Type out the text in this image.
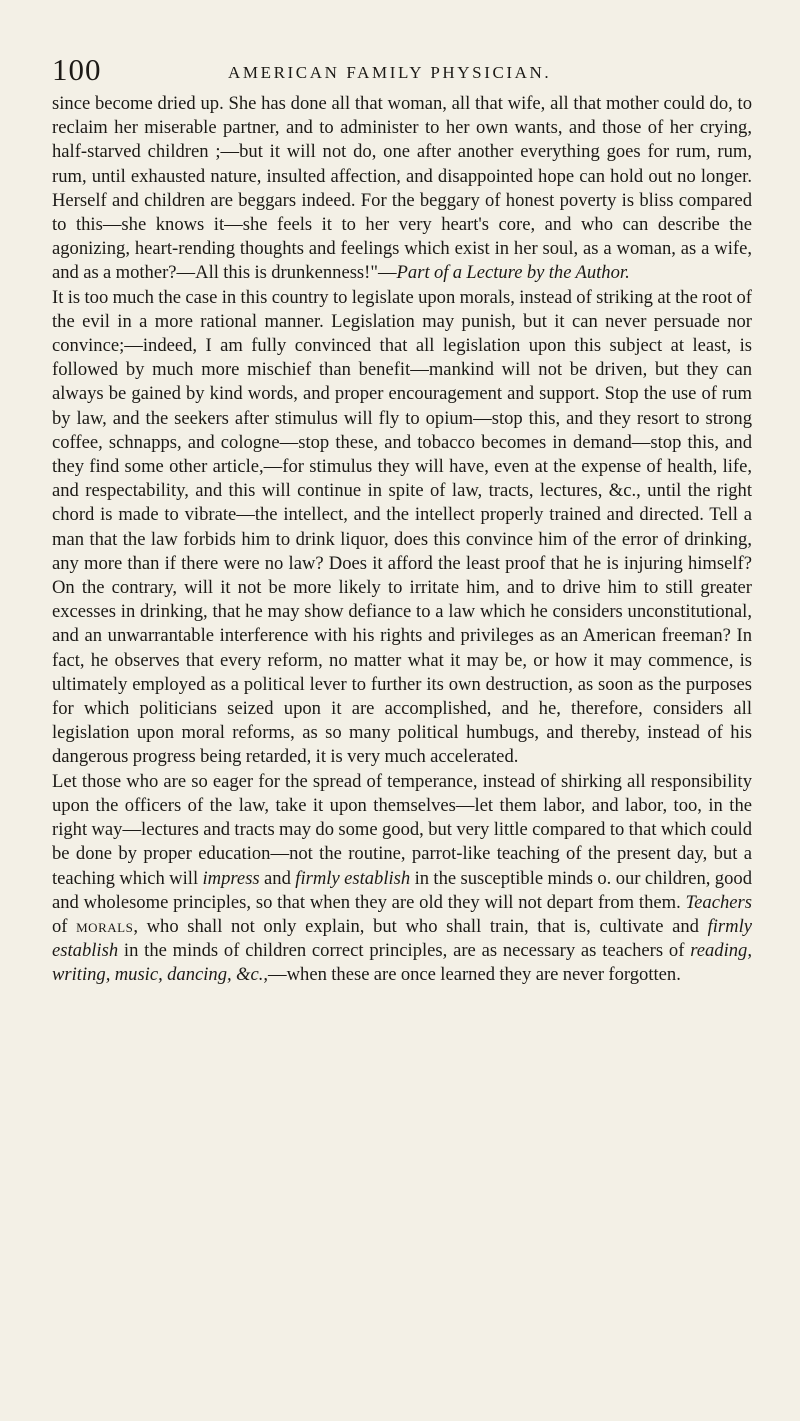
100	AMERICAN FAMILY PHYSICIAN.

since become dried up. She has done all that woman, all that wife, all that mother could do, to reclaim her miserable partner, and to administer to her own wants, and those of her crying, half-starved children ;—but it will not do, one after another everything goes for rum, rum, rum, until exhausted nature, insulted affection, and disappointed hope can hold out no longer. Herself and children are beggars indeed. For the beggary of honest poverty is bliss compared to this—she knows it—she feels it to her very heart's core, and who can describe the agonizing, heart-rending thoughts and feelings which exist in her soul, as a woman, as a wife, and as a mother?—All this is drunkenness!"—Part of a Lecture by the Author.

It is too much the case in this country to legislate upon morals, instead of striking at the root of the evil in a more rational manner. Legislation may punish, but it can never persuade nor convince;—indeed, I am fully convinced that all legislation upon this subject at least, is followed by much more mischief than benefit—mankind will not be driven, but they can always be gained by kind words, and proper encouragement and support. Stop the use of rum by law, and the seekers after stimulus will fly to opium—stop this, and they resort to strong coffee, schnapps, and cologne—stop these, and tobacco becomes in demand—stop this, and they find some other article,—for stimulus they will have, even at the expense of health, life, and respectability, and this will continue in spite of law, tracts, lectures, &c., until the right chord is made to vibrate—the intellect, and the intellect properly trained and directed. Tell a man that the law forbids him to drink liquor, does this convince him of the error of drinking, any more than if there were no law? Does it afford the least proof that he is injuring himself? On the contrary, will it not be more likely to irritate him, and to drive him to still greater excesses in drinking, that he may show defiance to a law which he considers unconstitutional, and an unwarrantable interference with his rights and privileges as an American freeman? In fact, he observes that every reform, no matter what it may be, or how it may commence, is ultimately employed as a political lever to further its own destruction, as soon as the purposes for which politicians seized upon it are accomplished, and he, therefore, considers all legislation upon moral reforms, as so many political humbugs, and thereby, instead of his dangerous progress being retarded, it is very much accelerated.

Let those who are so eager for the spread of temperance, instead of shirking all responsibility upon the officers of the law, take it upon themselves—let them labor, and labor, too, in the right way—lectures and tracts may do some good, but very little compared to that which could be done by proper education—not the routine, parrot-like teaching of the present day, but a teaching which will impress and firmly establish in the susceptible minds o. our children, good and wholesome principles, so that when they are old they will not depart from them. Teachers of morals, who shall not only explain, but who shall train, that is, cultivate and firmly establish in the minds of children correct principles, are as necessary as teachers of reading, writing, music, dancing, &c.,—when these are once learned they are never forgotten.
